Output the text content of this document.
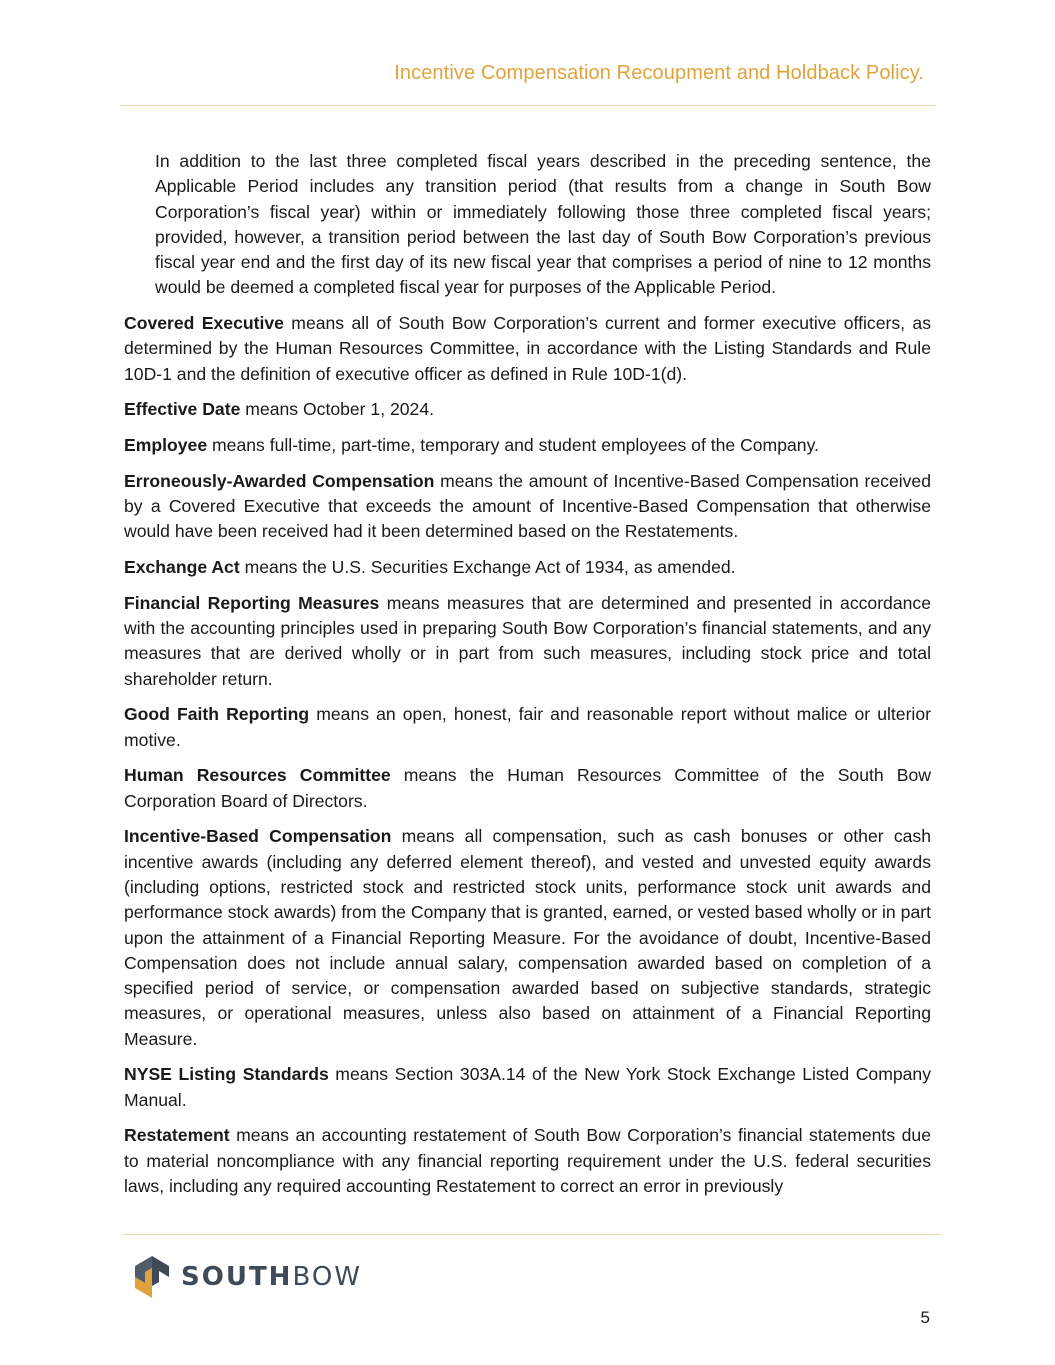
Incentive Compensation Recoupment and Holdback Policy.

In addition to the last three completed fiscal years described in the preceding sentence, the Applicable Period includes any transition period (that results from a change in South Bow Corporation’s fiscal year) within or immediately following those three completed fiscal years; provided, however, a transition period between the last day of South Bow Corporation’s previous fiscal year end and the first day of its new fiscal year that comprises a period of nine to 12 months would be deemed a completed fiscal year for purposes of the Applicable Period.

Covered Executive means all of South Bow Corporation’s current and former executive officers, as determined by the Human Resources Committee, in accordance with the Listing Standards and Rule 10D-1 and the definition of executive officer as defined in Rule 10D-1(d).

Effective Date means October 1, 2024.

Employee means full-time, part-time, temporary and student employees of the Company.

Erroneously-Awarded Compensation means the amount of Incentive-Based Compensation received by a Covered Executive that exceeds the amount of Incentive-Based Compensation that otherwise would have been received had it been determined based on the Restatements.

Exchange Act means the U.S. Securities Exchange Act of 1934, as amended.

Financial Reporting Measures means measures that are determined and presented in accordance with the accounting principles used in preparing South Bow Corporation’s financial statements, and any measures that are derived wholly or in part from such measures, including stock price and total shareholder return.

Good Faith Reporting means an open, honest, fair and reasonable report without malice or ulterior motive.

Human Resources Committee means the Human Resources Committee of the South Bow Corporation Board of Directors.

Incentive-Based Compensation means all compensation, such as cash bonuses or other cash incentive awards (including any deferred element thereof), and vested and unvested equity awards (including options, restricted stock and restricted stock units, performance stock unit awards and performance stock awards) from the Company that is granted, earned, or vested based wholly or in part upon the attainment of a Financial Reporting Measure. For the avoidance of doubt, Incentive-Based Compensation does not include annual salary, compensation awarded based on completion of a specified period of service, or compensation awarded based on subjective standards, strategic measures, or operational measures, unless also based on attainment of a Financial Reporting Measure.

NYSE Listing Standards means Section 303A.14 of the New York Stock Exchange Listed Company Manual.

Restatement means an accounting restatement of South Bow Corporation’s financial statements due to material noncompliance with any financial reporting requirement under the U.S. federal securities laws, including any required accounting Restatement to correct an error in previously

SOUTHBOW
5
